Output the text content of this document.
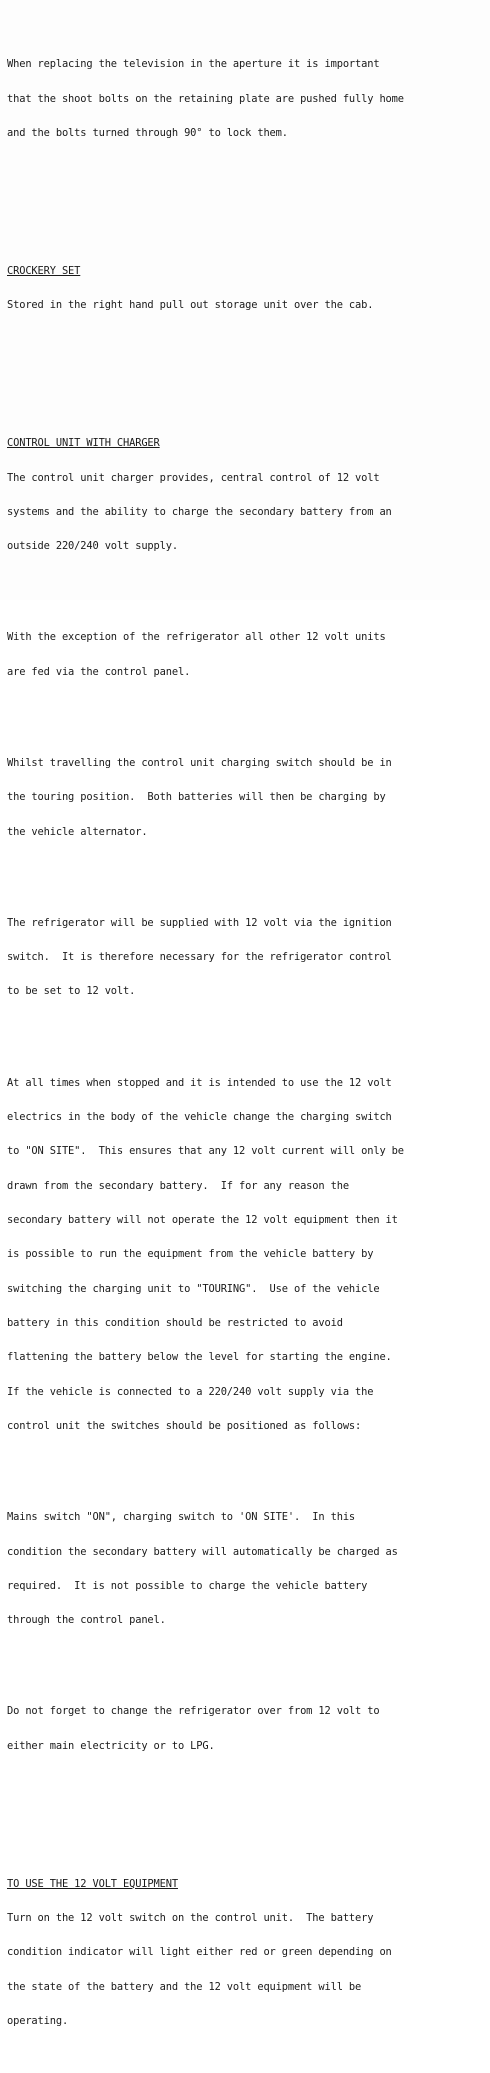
When replacing the television in the aperture it is important

that the shoot bolts on the retaining plate are pushed fully home

and the bolts turned through 90° to lock them.

CROCKERY SET

Stored in the right hand pull out storage unit over the cab.

CONTROL UNIT WITH CHARGER

The control unit charger provides, central control of 12 volt

systems and the ability to charge the secondary battery from an

outside 220/240 volt supply.

With the exception of the refrigerator all other 12 volt units

are fed via the control panel.

Whilst travelling the control unit charging switch should be in

the touring position.  Both batteries will then be charging by

the vehicle alternator.

The refrigerator will be supplied with 12 volt via the ignition

switch.  It is therefore necessary for the refrigerator control

to be set to 12 volt.

At all times when stopped and it is intended to use the 12 volt

electrics in the body of the vehicle change the charging switch

to "ON SITE".  This ensures that any 12 volt current will only be

drawn from the secondary battery.  If for any reason the

secondary battery will not operate the 12 volt equipment then it

is possible to run the equipment from the vehicle battery by

switching the charging unit to "TOURING".  Use of the vehicle

battery in this condition should be restricted to avoid

flattening the battery below the level for starting the engine.

If the vehicle is connected to a 220/240 volt supply via the

control unit the switches should be positioned as follows:

Mains switch "ON", charging switch to 'ON SITE'.  In this

condition the secondary battery will automatically be charged as

required.  It is not possible to charge the vehicle battery

through the control panel.

Do not forget to change the refrigerator over from 12 volt to

either main electricity or to LPG.

TO USE THE 12 VOLT EQUIPMENT

Turn on the 12 volt switch on the control unit.  The battery

condition indicator will light either red or green depending on

the state of the battery and the 12 volt equipment will be

operating.
